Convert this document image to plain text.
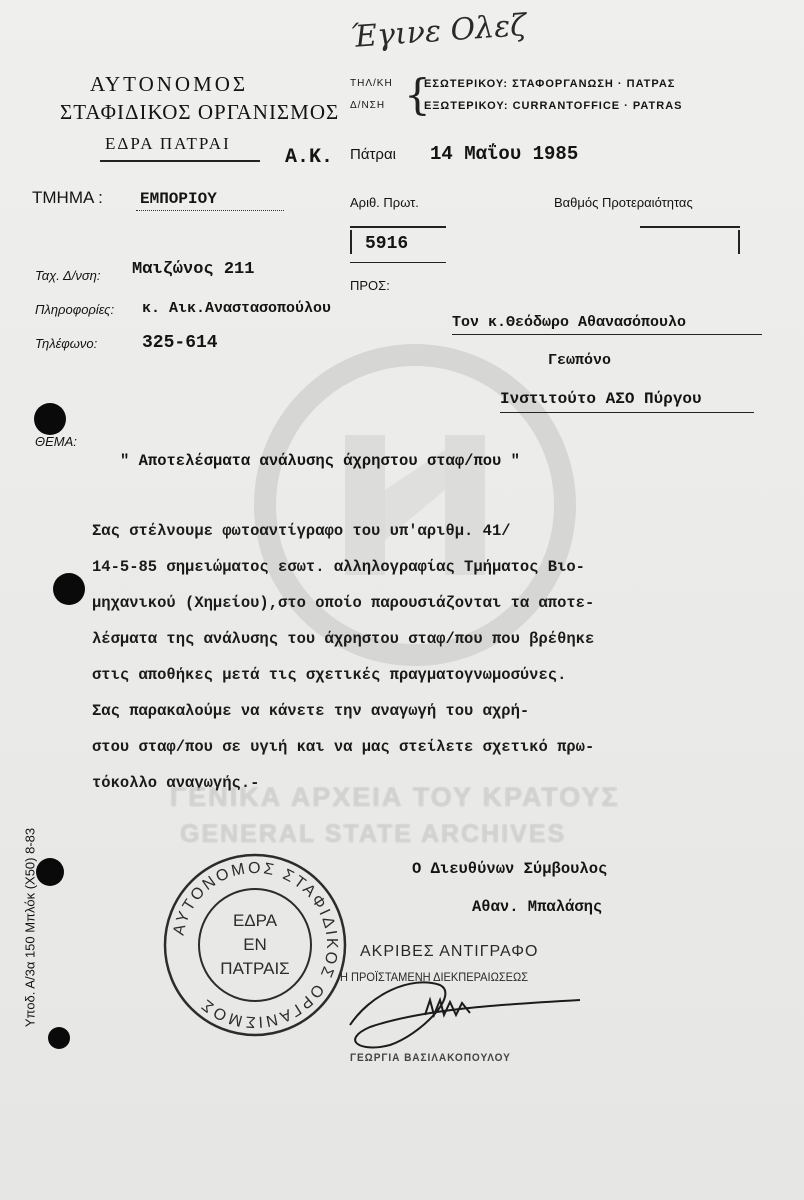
Έγινε Ολεζ
ΑΥΤΟΝΟΜΟΣ
ΣΤΑΦΙΔΙΚΟΣ ΟΡΓΑΝΙΣΜΟΣ
ΕΔΡΑ ΠΑΤΡΑΙ
Α.Κ.
ΤΗΛ/ΚΗ
Δ/ΝΣΗ {
ΕΣΩΤΕΡΙΚΟΥ: ΣΤΑΦΟΡΓΑΝΩΣΗ · ΠΑΤΡΑΣ
ΕΞΩΤΕΡΙΚΟΥ: CURRANTOFFICE · PATRAS
Πάτραι 14 Μαΐου 1985
ΤΜΗΜΑ : ΕΜΠΟΡΙΟΥ	Αριθ. Πρωτ.
5916
Βαθμός Προτεραιότητας
Ταχ. Δ/νση: Μαιζώνος 211
Πληροφορίες: κ. Αικ.Αναστασοπούλου
Τηλέφωνο: 325-614
ΠΡΟΣ:
Τον κ.Θεόδωρο Αθανασόπουλο
Γεωπόνο
Ινστιτούτο ΑΣΟ Πύργου
ΘΕΜΑ:
" Αποτελέσματα ανάλυσης άχρηστου σταφ/που "
Σας στέλνουμε φωτοαντίγραφο του υπ'αριθμ. 41/
14-5-85 σημειώματος εσωτ. αλληλογραφίας Τμήματος Βιο-
μηχανικού (Χημείου),στο οποίο παρουσιάζονται τα αποτε-
λέσματα της ανάλυσης του άχρηστου σταφ/που που βρέθηκε
στις αποθήκες μετά τις σχετικές πραγματογνωμοσύνες.
Σας παρακαλούμε να κάνετε την αναγωγή του αχρή-
στου σταφ/που σε υγιή και να μας στείλετε σχετικό πρω-
τόκολλο αναγωγής.-
ΓΕΝΙΚΑ ΑΡΧΕΙΑ ΤΟΥ ΚΡΑΤΟΥΣ
GENERAL STATE ARCHIVES
Ο Διευθύνων Σύμβουλος
Αθαν. Μπαλάσης
ΑΥΤΟΝΟΜΟΣ ΣΤΑΦΙΔΙΚΟΣ ΟΡΓΑΝΙΣΜΟΣ
ΕΔΡΑ
ΕΝ
ΠΑΤΡΑΙΣ
ΑΚΡΙΒΕΣ ΑΝΤΙΓΡΑΦΟ
Η ΠΡΟΪΣΤΑΜΕΝΗ ΔΙΕΚΠΕΡΑΙΩΣΕΩΣ
ΓΕΩΡΓΙΑ ΒΑΣΙΛΑΚΟΠΟΥΛΟΥ
Υποδ. Α/3α 150 Μπλόκ (Χ50) 8-83
